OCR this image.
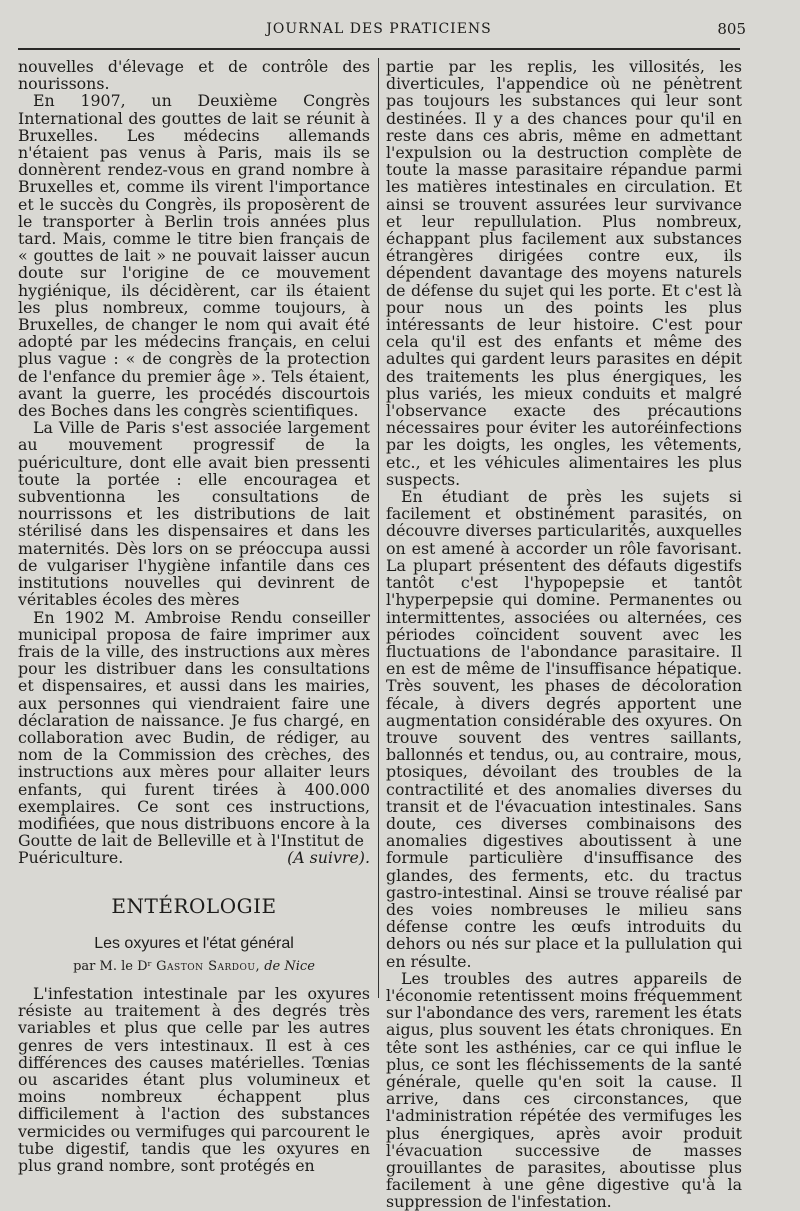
JOURNAL DES PRATICIENS	805

nouvelles d'élevage et de contrôle des nourissons.

En 1907, un Deuxième Congrès International des gouttes de lait se réunit à Bruxelles. Les médecins allemands n'étaient pas venus à Paris, mais ils se donnèrent rendez-vous en grand nombre à Bruxelles et, comme ils virent l'importance et le succès du Congrès, ils proposèrent de le transporter à Berlin trois années plus tard. Mais, comme le titre bien français de « gouttes de lait » ne pouvait laisser aucun doute sur l'origine de ce mouvement hygiénique, ils décidèrent, car ils étaient les plus nombreux, comme toujours, à Bruxelles, de changer le nom qui avait été adopté par les médecins français, en celui plus vague : « de congrès de la protection de l'enfance du premier âge ». Tels étaient, avant la guerre, les procédés discourtois des Boches dans les congrès scientifiques.

La Ville de Paris s'est associée largement au mouvement progressif de la puériculture, dont elle avait bien pressenti toute la portée : elle encouragea et subventionna les consultations de nourrissons et les distributions de lait stérilisé dans les dispensaires et dans les maternités. Dès lors on se préoccupa aussi de vulgariser l'hygiène infantile dans ces institutions nouvelles qui devinrent de véritables écoles des mères

En 1902 M. Ambroise Rendu conseiller municipal proposa de faire imprimer aux frais de la ville, des instructions aux mères pour les distribuer dans les consultations et dispensaires, et aussi dans les mairies, aux personnes qui viendraient faire une déclaration de naissance. Je fus chargé, en collaboration avec Budin, de rédiger, au nom de la Commission des crèches, des instructions aux mères pour allaiter leurs enfants, qui furent tirées à 400.000 exemplaires. Ce sont ces instructions, modifiées, que nous distribuons encore à la Goutte de lait de Belleville et à l'Institut de

Puériculture.	(A suivre).
ENTÉROLOGIE
Les oxyures et l'état général
par M. le Dʳ Gaston Sardou, de Nice

L'infestation intestinale par les oxyures résiste au traitement à des degrés très variables et plus que celle par les autres genres de vers intestinaux. Il est à ces différences des causes matérielles. Tœnias ou ascarides étant plus volumineux et moins nombreux échappent plus difficilement à l'action des substances vermicides ou vermifuges qui parcourent le tube digestif, tandis que les oxyures en plus grand nombre, sont protégés en

partie par les replis, les villosités, les diverticules, l'appendice où ne pénètrent pas toujours les substances qui leur sont destinées. Il y a des chances pour qu'il en reste dans ces abris, même en admettant l'expulsion ou la destruction complète de toute la masse parasitaire répandue parmi les matières intestinales en circulation. Et ainsi se trouvent assurées leur survivance et leur repullulation. Plus nombreux, échappant plus facilement aux substances étrangères dirigées contre eux, ils dépendent davantage des moyens naturels de défense du sujet qui les porte. Et c'est là pour nous un des points les plus intéressants de leur histoire. C'est pour cela qu'il est des enfants et même des adultes qui gardent leurs parasites en dépit des traitements les plus énergiques, les plus variés, les mieux conduits et malgré l'observance exacte des précautions nécessaires pour éviter les autoréinfections par les doigts, les ongles, les vêtements, etc., et les véhicules alimentaires les plus suspects.

En étudiant de près les sujets si facilement et obstinément parasités, on découvre diverses particularités, auxquelles on est amené à accorder un rôle favorisant. La plupart présentent des défauts digestifs tantôt c'est l'hypopepsie et tantôt l'hyperpepsie qui domine. Permanentes ou intermittentes, associées ou alternées, ces périodes coïncident souvent avec les fluctuations de l'abondance parasitaire. Il en est de même de l'insuffisance hépatique. Très souvent, les phases de décoloration fécale, à divers degrés apportent une augmentation considérable des oxyures. On trouve souvent des ventres saillants, ballonnés et tendus, ou, au contraire, mous, ptosiques, dévoilant des troubles de la contractilité et des anomalies diverses du transit et de l'évacuation intestinales. Sans doute, ces diverses combinaisons des anomalies digestives aboutissent à une formule particulière d'insuffisance des glandes, des ferments, etc. du tractus gastro-intestinal. Ainsi se trouve réalisé par des voies nombreuses le milieu sans défense contre les œufs introduits du dehors ou nés sur place et la pullulation qui en résulte.

Les troubles des autres appareils de l'économie retentissent moins fréquemment sur l'abondance des vers, rarement les états aigus, plus souvent les états chroniques. En tête sont les asthénies, car ce qui influe le plus, ce sont les fléchissements de la santé générale, quelle qu'en soit la cause. Il arrive, dans ces circonstances, que l'administration répétée des vermifuges les plus énergiques, après avoir produit l'évacuation successive de masses grouillantes de parasites, aboutisse plus facilement à une gêne digestive qu'à la suppression de l'infestation.
